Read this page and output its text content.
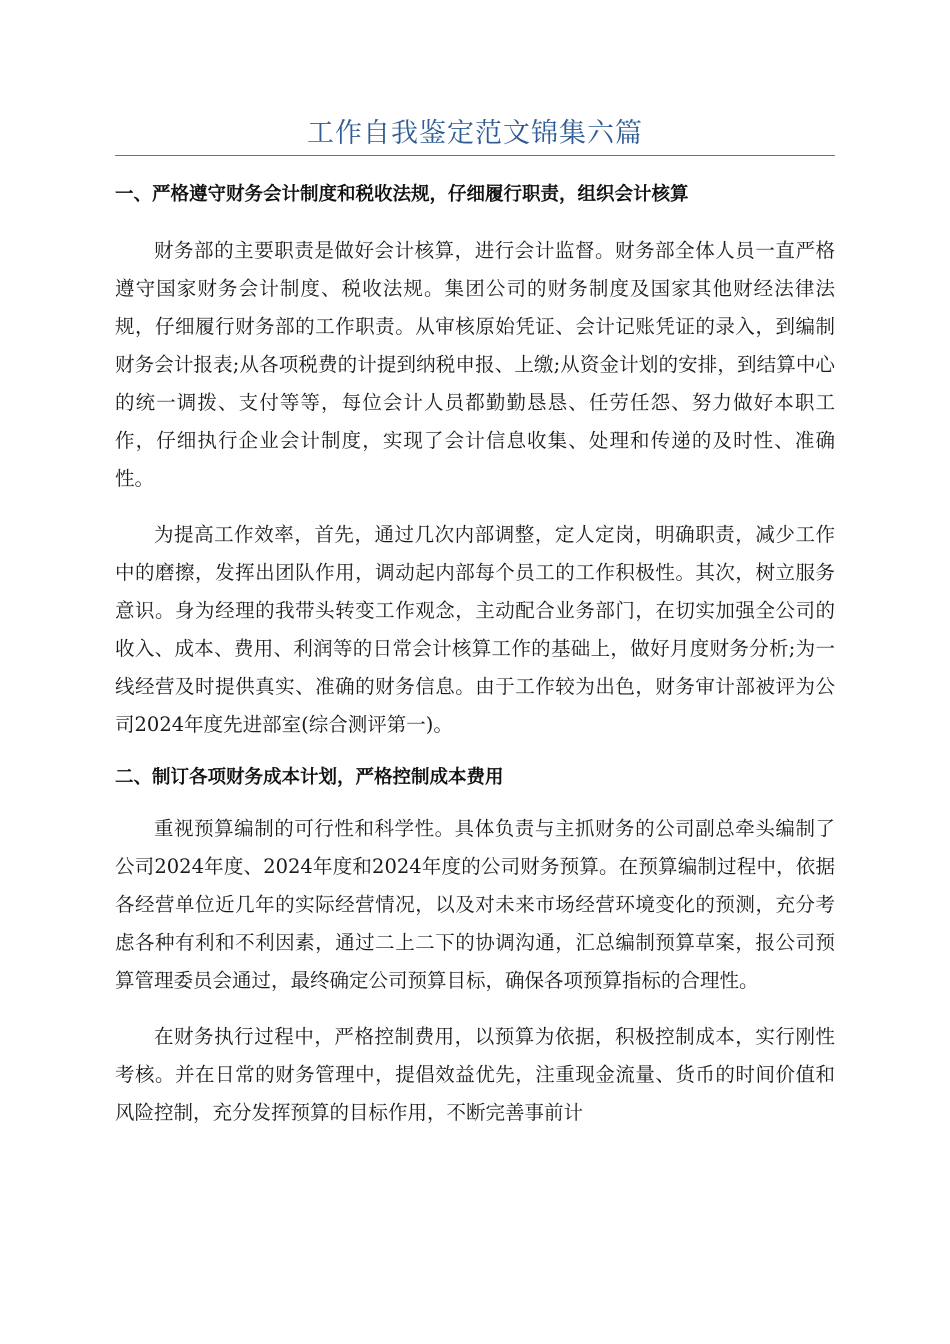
工作自我鉴定范文锦集六篇

一、严格遵守财务会计制度和税收法规，仔细履行职责，组织会计核算

财务部的主要职责是做好会计核算，进行会计监督。财务部全体人员一直严格遵守国家财务会计制度、税收法规。集团公司的财务制度及国家其他财经法律法规，仔细履行财务部的工作职责。从审核原始凭证、会计记账凭证的录入，到编制财务会计报表;从各项税费的计提到纳税申报、上缴;从资金计划的安排，到结算中心的统一调拨、支付等等，每位会计人员都勤勤恳恳、任劳任怨、努力做好本职工作，仔细执行企业会计制度，实现了会计信息收集、处理和传递的及时性、准确性。

为提高工作效率，首先，通过几次内部调整，定人定岗，明确职责，减少工作中的磨擦，发挥出团队作用，调动起内部每个员工的工作积极性。其次，树立服务意识。身为经理的我带头转变工作观念，主动配合业务部门，在切实加强全公司的收入、成本、费用、利润等的日常会计核算工作的基础上，做好月度财务分析;为一线经营及时提供真实、准确的财务信息。由于工作较为出色，财务审计部被评为公司2024年度先进部室(综合测评第一)。

二、制订各项财务成本计划，严格控制成本费用

重视预算编制的可行性和科学性。具体负责与主抓财务的公司副总牵头编制了公司2024年度、2024年度和2024年度的公司财务预算。在预算编制过程中，依据各经营单位近几年的实际经营情况，以及对未来市场经营环境变化的预测，充分考虑各种有利和不利因素，通过二上二下的协调沟通，汇总编制预算草案，报公司预算管理委员会通过，最终确定公司预算目标，确保各项预算指标的合理性。

在财务执行过程中，严格控制费用，以预算为依据，积极控制成本，实行刚性考核。并在日常的财务管理中，提倡效益优先，注重现金流量、货币的时间价值和风险控制，充分发挥预算的目标作用，不断完善事前计
